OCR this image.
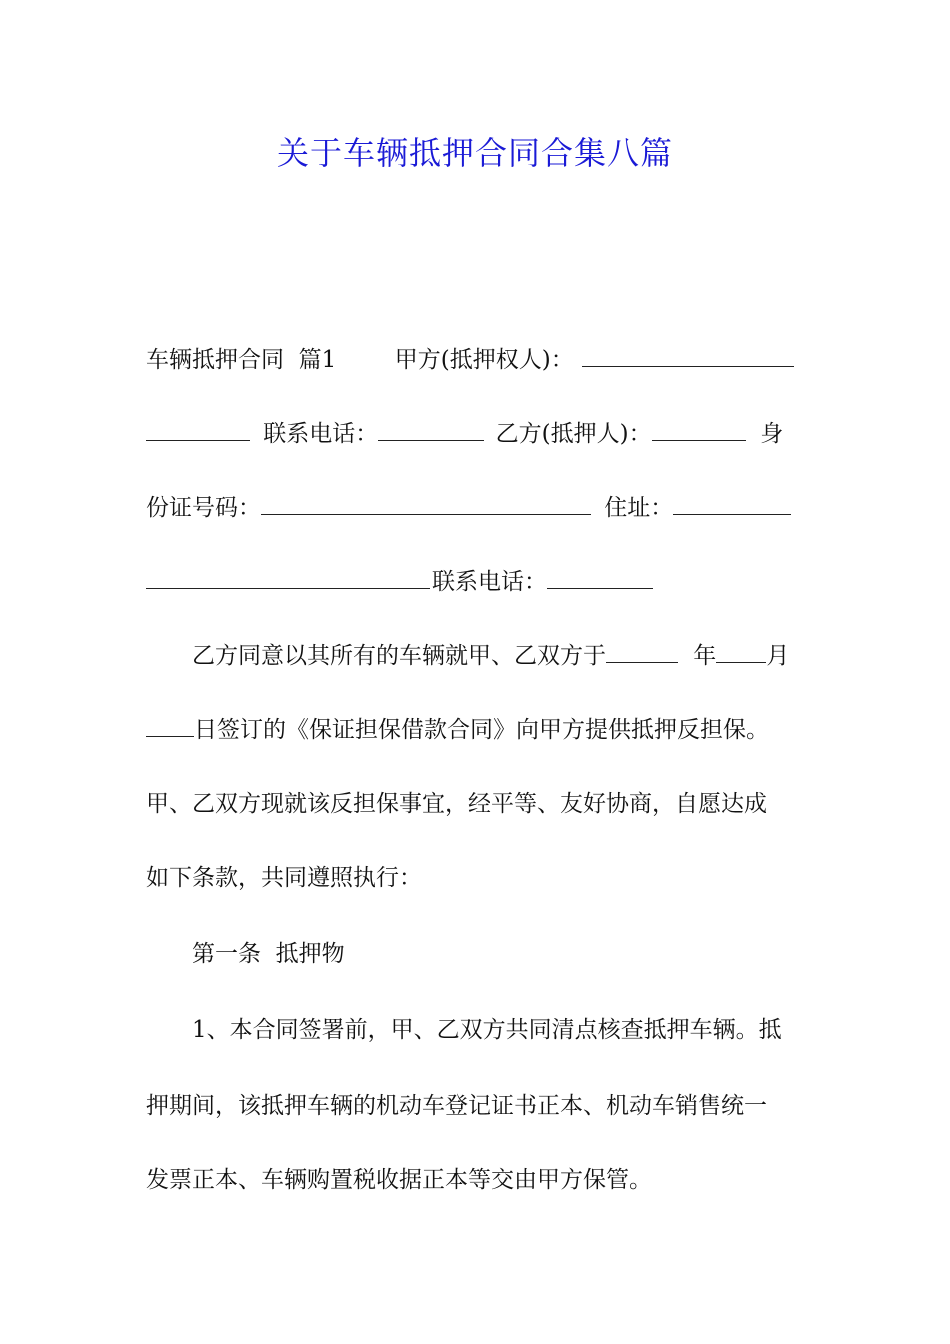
关于车辆抵押合同合集八篇
车辆抵押合同  篇1        甲方(抵押权人)：
联系电话：	乙方(抵押人)：	身
份证号码：	住址：
联系电话：
乙方同意以其所有的车辆就甲、乙双方于	年 月
日签订的《保证担保借款合同》向甲方提供抵押反担保。
甲、乙双方现就该反担保事宜，经平等、友好协商，自愿达成
如下条款，共同遵照执行：
第一条  抵押物
1、本合同签署前，甲、乙双方共同清点核查抵押车辆。抵
押期间，该抵押车辆的机动车登记证书正本、机动车销售统一
发票正本、车辆购置税收据正本等交由甲方保管。
